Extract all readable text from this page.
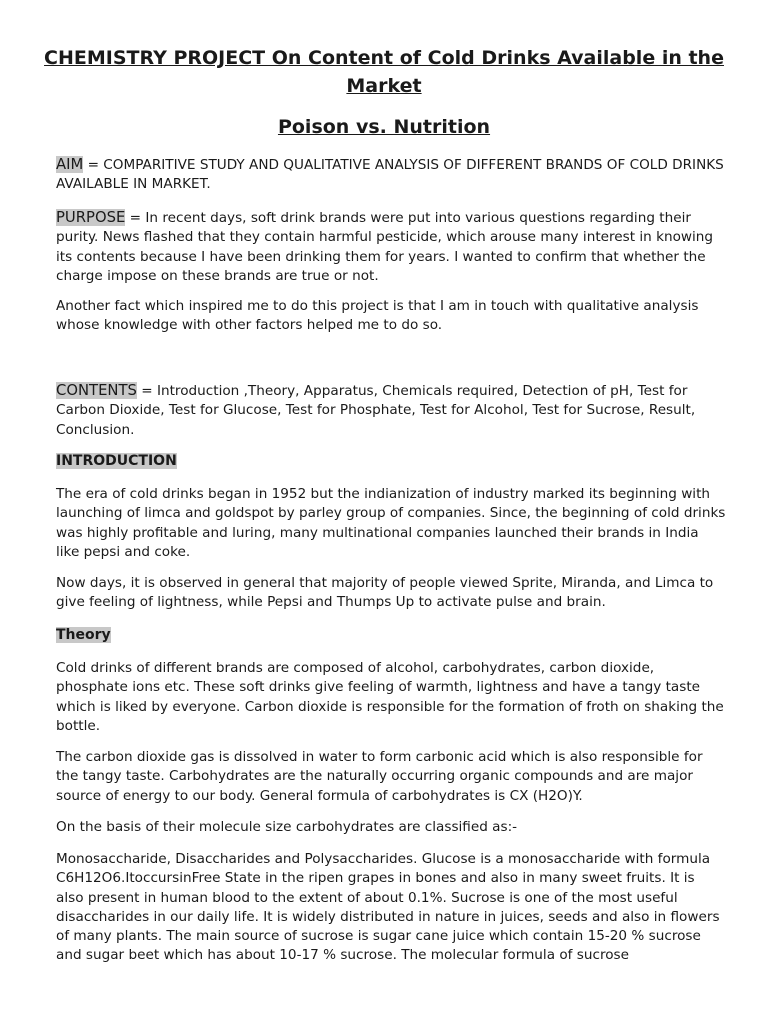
CHEMISTRY PROJECT On Content of Cold Drinks Available in the Market
Poison vs. Nutrition

AIM = COMPARITIVE STUDY AND QUALITATIVE ANALYSIS OF DIFFERENT BRANDS OF COLD DRINKS AVAILABLE IN MARKET.

PURPOSE = In recent days, soft drink brands were put into various questions regarding their purity. News flashed that they contain harmful pesticide, which arouse many interest in knowing its contents because I have been drinking them for years. I wanted to confirm that whether the charge impose on these brands are true or not.

Another fact which inspired me to do this project is that I am in touch with qualitative analysis whose knowledge with other factors helped me to do so.

CONTENTS = Introduction ,Theory, Apparatus, Chemicals required, Detection of pH, Test for Carbon Dioxide, Test for Glucose, Test for Phosphate, Test for Alcohol, Test for Sucrose, Result, Conclusion.

INTRODUCTION

The era of cold drinks began in 1952 but the indianization of industry marked its beginning with launching of limca and goldspot by parley group of companies. Since, the beginning of cold drinks was highly profitable and luring, many multinational companies launched their brands in India like pepsi and coke.

Now days, it is observed in general that majority of people viewed Sprite, Miranda, and Limca to give feeling of lightness, while Pepsi and Thumps Up to activate pulse and brain.

Theory

Cold drinks of different brands are composed of alcohol, carbohydrates, carbon dioxide, phosphate ions etc. These soft drinks give feeling of warmth, lightness and have a tangy taste which is liked by everyone. Carbon dioxide is responsible for the formation of froth on shaking the bottle.

The carbon dioxide gas is dissolved in water to form carbonic acid which is also responsible for the tangy taste. Carbohydrates are the naturally occurring organic compounds and are major source of energy to our body. General formula of carbohydrates is CX (H2O)Y.

On the basis of their molecule size carbohydrates are classified as:-

Monosaccharide, Disaccharides and Polysaccharides. Glucose is a monosaccharide with formula C6H12O6.ItoccursinFree State in the ripen grapes in bones and also in many sweet fruits. It is also present in human blood to the extent of about 0.1%. Sucrose is one of the most useful disaccharides in our daily life. It is widely distributed in nature in juices, seeds and also in flowers of many plants. The main source of sucrose is sugar cane juice which contain 15-20 % sucrose and sugar beet which has about 10-17 % sucrose. The molecular formula of sucrose
